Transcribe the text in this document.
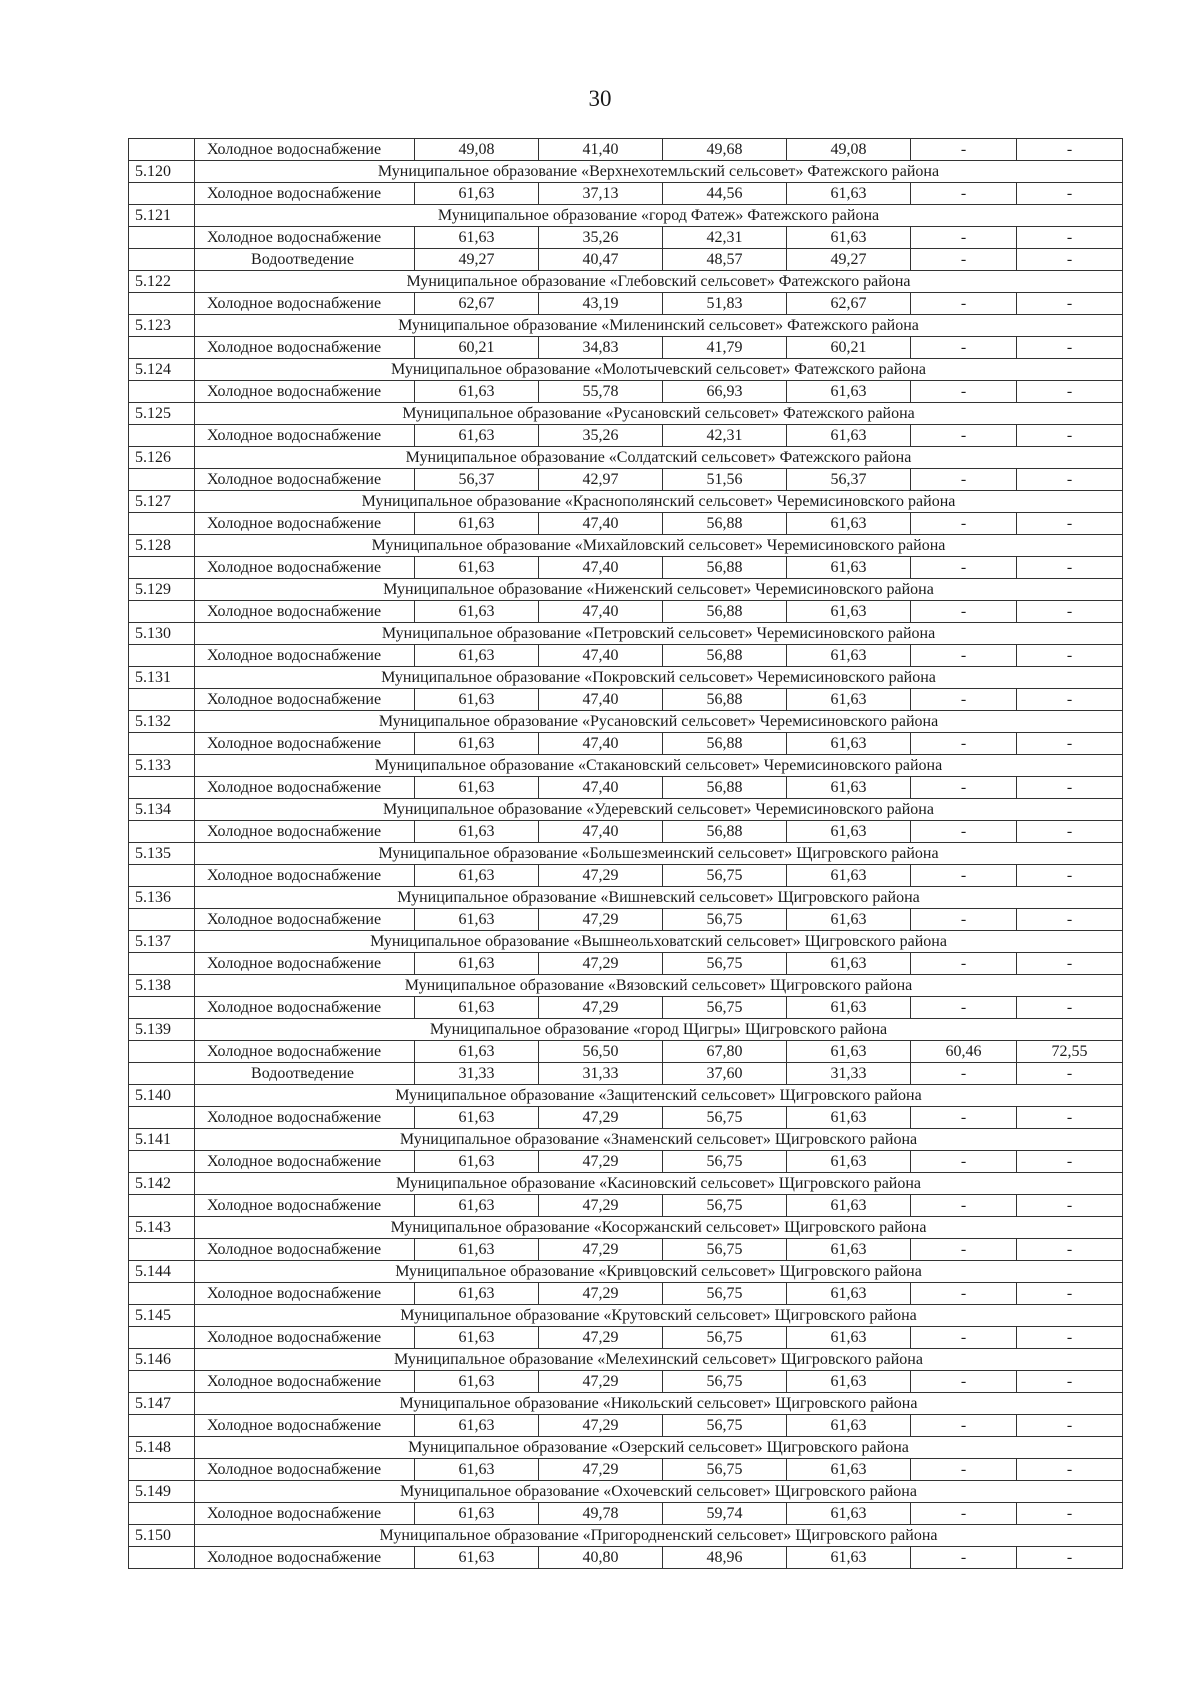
30
	Холодное водоснабжение	49,08	41,40	49,68	49,08	-	-
5.120	Муниципальное образование «Верхнехотемльский сельсовет» Фатежского района						
	Холодное водоснабжение	61,63	37,13	44,56	61,63	-	-
5.121	Муниципальное образование «город Фатеж» Фатежского района						
	Холодное водоснабжение	61,63	35,26	42,31	61,63	-	-
	Водоотведение	49,27	40,47	48,57	49,27	-	-
5.122	Муниципальное образование «Глебовский сельсовет» Фатежского района						
	Холодное водоснабжение	62,67	43,19	51,83	62,67	-	-
5.123	Муниципальное образование «Миленинский сельсовет» Фатежского района						
	Холодное водоснабжение	60,21	34,83	41,79	60,21	-	-
5.124	Муниципальное образование «Молотычевский сельсовет» Фатежского района						
	Холодное водоснабжение	61,63	55,78	66,93	61,63	-	-
5.125	Муниципальное образование «Русановский сельсовет» Фатежского района						
	Холодное водоснабжение	61,63	35,26	42,31	61,63	-	-
5.126	Муниципальное образование «Солдатский сельсовет» Фатежского района						
	Холодное водоснабжение	56,37	42,97	51,56	56,37	-	-
5.127	Муниципальное образование «Краснополянский сельсовет» Черемисиновского района						
	Холодное водоснабжение	61,63	47,40	56,88	61,63	-	-
5.128	Муниципальное образование «Михайловский сельсовет» Черемисиновского района						
	Холодное водоснабжение	61,63	47,40	56,88	61,63	-	-
5.129	Муниципальное образование «Ниженский сельсовет» Черемисиновского района						
	Холодное водоснабжение	61,63	47,40	56,88	61,63	-	-
5.130	Муниципальное образование «Петровский сельсовет» Черемисиновского района						
	Холодное водоснабжение	61,63	47,40	56,88	61,63	-	-
5.131	Муниципальное образование «Покровский сельсовет» Черемисиновского района						
	Холодное водоснабжение	61,63	47,40	56,88	61,63	-	-
5.132	Муниципальное образование «Русановский сельсовет» Черемисиновского района						
	Холодное водоснабжение	61,63	47,40	56,88	61,63	-	-
5.133	Муниципальное образование «Стакановский сельсовет» Черемисиновского района						
	Холодное водоснабжение	61,63	47,40	56,88	61,63	-	-
5.134	Муниципальное образование «Удеревский сельсовет» Черемисиновского района						
	Холодное водоснабжение	61,63	47,40	56,88	61,63	-	-
5.135	Муниципальное образование «Большезмеинский сельсовет» Щигровского района						
	Холодное водоснабжение	61,63	47,29	56,75	61,63	-	-
5.136	Муниципальное образование «Вишневский сельсовет» Щигровского района						
	Холодное водоснабжение	61,63	47,29	56,75	61,63	-	-
5.137	Муниципальное образование «Вышнеольховатский сельсовет» Щигровского района						
	Холодное водоснабжение	61,63	47,29	56,75	61,63	-	-
5.138	Муниципальное образование «Вязовский сельсовет» Щигровского района						
	Холодное водоснабжение	61,63	47,29	56,75	61,63	-	-
5.139	Муниципальное образование «город Щигры» Щигровского района						
	Холодное водоснабжение	61,63	56,50	67,80	61,63	60,46	72,55
	Водоотведение	31,33	31,33	37,60	31,33	-	-
5.140	Муниципальное образование «Защитенский сельсовет» Щигровского района						
	Холодное водоснабжение	61,63	47,29	56,75	61,63	-	-
5.141	Муниципальное образование «Знаменский сельсовет» Щигровского района						
	Холодное водоснабжение	61,63	47,29	56,75	61,63	-	-
5.142	Муниципальное образование «Касиновский сельсовет» Щигровского района						
	Холодное водоснабжение	61,63	47,29	56,75	61,63	-	-
5.143	Муниципальное образование «Косоржанский сельсовет» Щигровского района						
	Холодное водоснабжение	61,63	47,29	56,75	61,63	-	-
5.144	Муниципальное образование «Кривцовский сельсовет» Щигровского района						
	Холодное водоснабжение	61,63	47,29	56,75	61,63	-	-
5.145	Муниципальное образование «Крутовский сельсовет» Щигровского района						
	Холодное водоснабжение	61,63	47,29	56,75	61,63	-	-
5.146	Муниципальное образование «Мелехинский сельсовет» Щигровского района						
	Холодное водоснабжение	61,63	47,29	56,75	61,63	-	-
5.147	Муниципальное образование «Никольский сельсовет» Щигровского района						
	Холодное водоснабжение	61,63	47,29	56,75	61,63	-	-
5.148	Муниципальное образование «Озерский сельсовет» Щигровского района						
	Холодное водоснабжение	61,63	47,29	56,75	61,63	-	-
5.149	Муниципальное образование «Охочевский сельсовет» Щигровского района						
	Холодное водоснабжение	61,63	49,78	59,74	61,63	-	-
5.150	Муниципальное образование «Пригородненский сельсовет» Щигровского района						
	Холодное водоснабжение	61,63	40,80	48,96	61,63	-	-
